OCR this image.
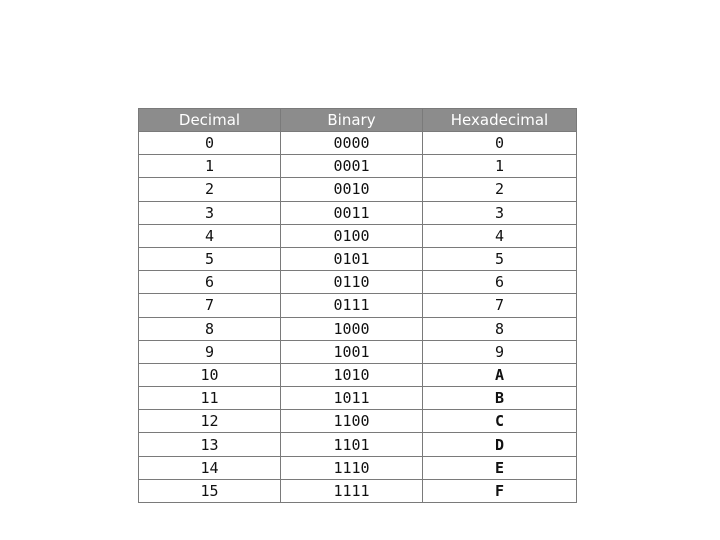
Decimal	Binary	Hexadecimal
0	0000	0
1	0001	1
2	0010	2
3	0011	3
4	0100	4
5	0101	5
6	0110	6
7	0111	7
8	1000	8
9	1001	9
10	1010	A
11	1011	B
12	1100	C
13	1101	D
14	1110	E
15	1111	F
